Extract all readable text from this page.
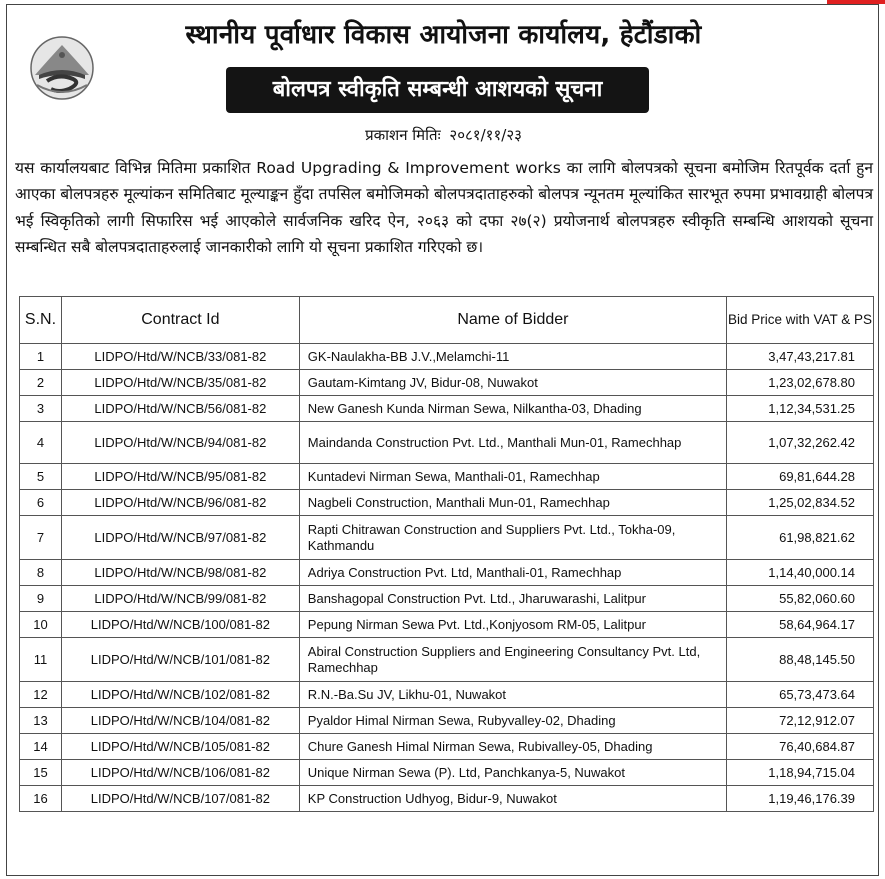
स्थानीय पूर्वाधार विकास आयोजना कार्यालय, हेटौंडाको
बोलपत्र स्वीकृति सम्बन्धी आशयको सूचना
प्रकाशन मितिः २०८१/११/२३
यस कार्यालयबाट विभिन्न मितिमा प्रकाशित Road Upgrading & Improvement works का लागि बोलपत्रको सूचना बमोजिम रितपूर्वक दर्ता हुन आएका बोलपत्रहरु मूल्यांकन समितिबाट मूल्याङ्कन हुँदा तपसिल बमोजिमको बोलपत्रदाताहरुको बोलपत्र न्यूनतम मूल्यांकित सारभूत रुपमा प्रभावग्राही बोलपत्र भई स्विकृतिको लागी सिफारिस भई आएकोले सार्वजनिक खरिद ऐन, २०६३ को दफा २७(२) प्रयोजनार्थ बोलपत्रहरु स्वीकृति सम्बन्धि आशयको सूचना सम्बन्धित सबै बोलपत्रदाताहरुलाई जानकारीको लागि यो सूचना प्रकाशित गरिएको छ।
S.N.	Contract Id	Name of Bidder	Bid Price with VAT & PS
1	LIDPO/Htd/W/NCB/33/081-82	GK-Naulakha-BB J.V.,Melamchi-11	3,47,43,217.81
2	LIDPO/Htd/W/NCB/35/081-82	Gautam-Kimtang JV, Bidur-08, Nuwakot	1,23,02,678.80
3	LIDPO/Htd/W/NCB/56/081-82	New Ganesh Kunda Nirman Sewa, Nilkantha-03, Dhading	1,12,34,531.25
4	LIDPO/Htd/W/NCB/94/081-82	Maindanda Construction Pvt. Ltd., Manthali Mun-01, Ramechhap	1,07,32,262.42
5	LIDPO/Htd/W/NCB/95/081-82	Kuntadevi Nirman Sewa, Manthali-01, Ramechhap	69,81,644.28
6	LIDPO/Htd/W/NCB/96/081-82	Nagbeli Construction, Manthali Mun-01, Ramechhap	1,25,02,834.52
7	LIDPO/Htd/W/NCB/97/081-82	Rapti Chitrawan Construction and Suppliers Pvt. Ltd., Tokha-09, Kathmandu	61,98,821.62
8	LIDPO/Htd/W/NCB/98/081-82	Adriya Construction Pvt. Ltd, Manthali-01, Ramechhap	1,14,40,000.14
9	LIDPO/Htd/W/NCB/99/081-82	Banshagopal Construction Pvt. Ltd., Jharuwarashi, Lalitpur	55,82,060.60
10	LIDPO/Htd/W/NCB/100/081-82	Pepung Nirman Sewa Pvt. Ltd.,Konjyosom RM-05, Lalitpur	58,64,964.17
11	LIDPO/Htd/W/NCB/101/081-82	Abiral Construction Suppliers and Engineering Consultancy Pvt. Ltd, Ramechhap	88,48,145.50
12	LIDPO/Htd/W/NCB/102/081-82	R.N.-Ba.Su JV, Likhu-01, Nuwakot	65,73,473.64
13	LIDPO/Htd/W/NCB/104/081-82	Pyaldor Himal Nirman Sewa, Rubyvalley-02, Dhading	72,12,912.07
14	LIDPO/Htd/W/NCB/105/081-82	Chure Ganesh Himal Nirman Sewa, Rubivalley-05, Dhading	76,40,684.87
15	LIDPO/Htd/W/NCB/106/081-82	Unique Nirman Sewa (P). Ltd, Panchkanya-5, Nuwakot	1,18,94,715.04
16	LIDPO/Htd/W/NCB/107/081-82	KP Construction Udhyog, Bidur-9, Nuwakot	1,19,46,176.39
